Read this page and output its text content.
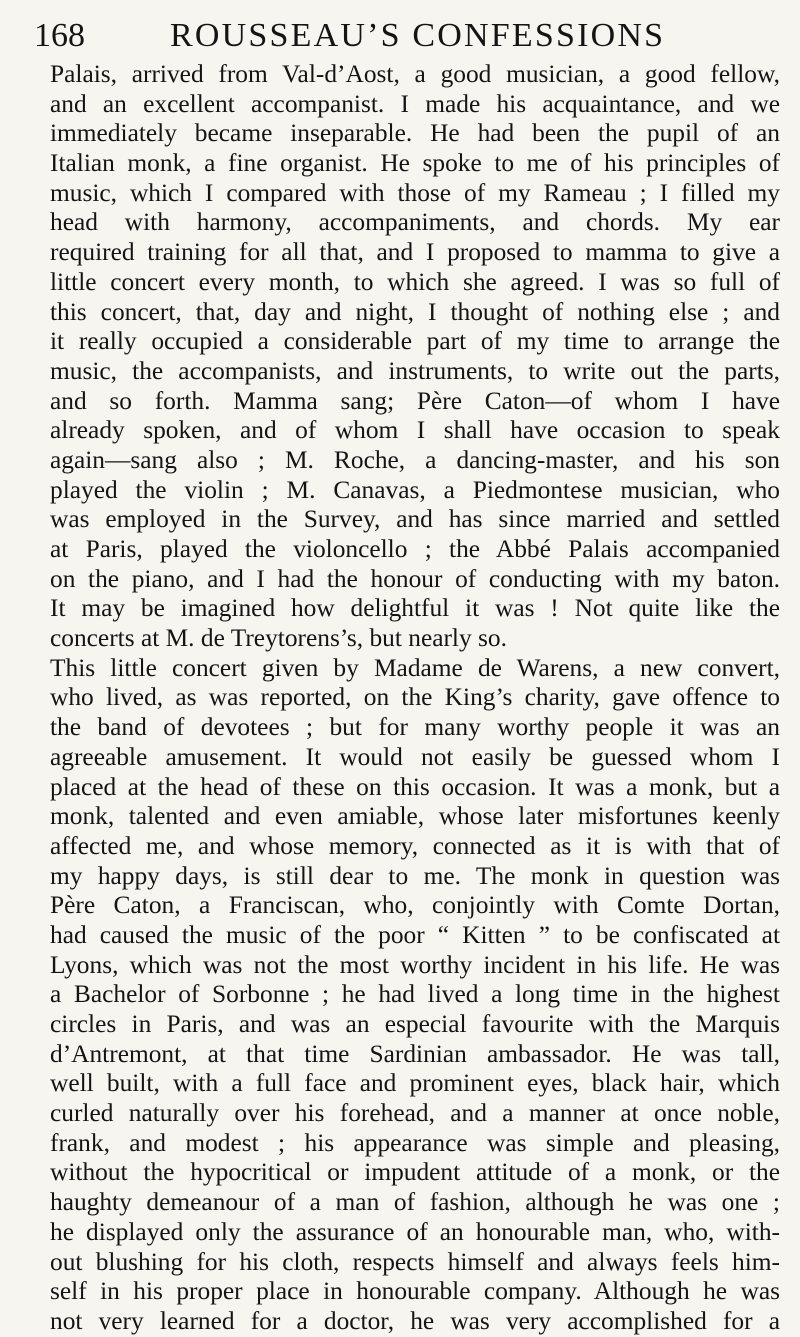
168	ROUSSEAU’S CONFESSIONS
Palais, arrived from Val-d’Aost, a good musician, a good fellow,
and an excellent accompanist. I made his acquaintance, and we
immediately became inseparable. He had been the pupil of an
Italian monk, a fine organist. He spoke to me of his principles of
music, which I compared with those of my Rameau ; I filled my
head with harmony, accompaniments, and chords. My ear
required training for all that, and I proposed to mamma to give a
little concert every month, to which she agreed. I was so full of
this concert, that, day and night, I thought of nothing else ; and
it really occupied a considerable part of my time to arrange the
music, the accompanists, and instruments, to write out the parts,
and so forth. Mamma sang; Père Caton—of whom I have
already spoken, and of whom I shall have occasion to speak
again—sang also ; M. Roche, a dancing-master, and his son
played the violin ; M. Canavas, a Piedmontese musician, who
was employed in the Survey, and has since married and settled
at Paris, played the violoncello ; the Abbé Palais accompanied
on the piano, and I had the honour of conducting with my baton.
It may be imagined how delightful it was ! Not quite like the
concerts at M. de Treytorens’s, but nearly so.
This little concert given by Madame de Warens, a new convert,
who lived, as was reported, on the King’s charity, gave offence to
the band of devotees ; but for many worthy people it was an
agreeable amusement. It would not easily be guessed whom I
placed at the head of these on this occasion. It was a monk, but a
monk, talented and even amiable, whose later misfortunes keenly
affected me, and whose memory, connected as it is with that of
my happy days, is still dear to me. The monk in question was
Père Caton, a Franciscan, who, conjointly with Comte Dortan,
had caused the music of the poor “ Kitten ” to be confiscated at
Lyons, which was not the most worthy incident in his life. He was
a Bachelor of Sorbonne ; he had lived a long time in the highest
circles in Paris, and was an especial favourite with the Marquis
d’Antremont, at that time Sardinian ambassador. He was tall,
well built, with a full face and prominent eyes, black hair, which
curled naturally over his forehead, and a manner at once noble,
frank, and modest ; his appearance was simple and pleasing,
without the hypocritical or impudent attitude of a monk, or the
haughty demeanour of a man of fashion, although he was one ;
he displayed only the assurance of an honourable man, who, with-
out blushing for his cloth, respects himself and always feels him-
self in his proper place in honourable company. Although he was
not very learned for a doctor, he was very accomplished for a
